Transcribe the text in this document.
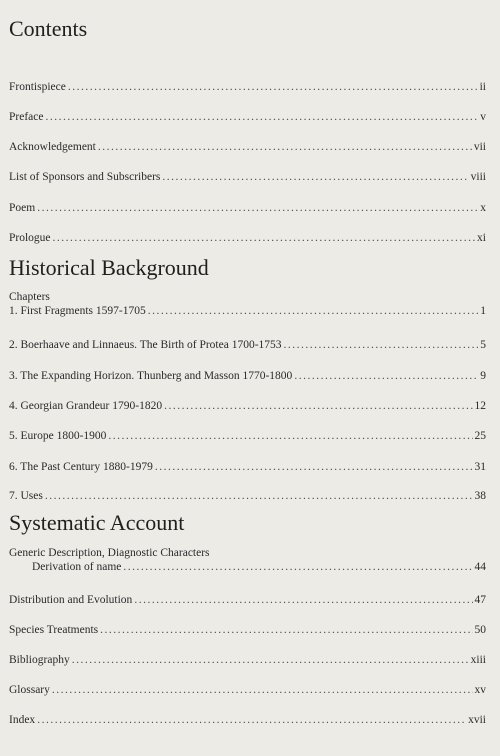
Contents
Frontispiece .....	ii
Preface .....	v
Acknowledgement .....	vii
List of Sponsors and Subscribers .....	viii
Poem .....	x
Prologue .....	xi
Historical Background
Chapters
1. First Fragments 1597-1705 .....	1
2. Boerhaave and Linnaeus. The Birth of Protea 1700-1753 .....	5
3. The Expanding Horizon. Thunberg and Masson 1770-1800 .....	9
4. Georgian Grandeur 1790-1820 .....	12
5. Europe 1800-1900 .....	25
6. The Past Century 1880-1979 .....	31
7. Uses .....	38
Systematic Account
Generic Description, Diagnostic Characters
Derivation of name .....	44
Distribution and Evolution .....	47
Species Treatments .....	50
Bibliography .....	xiii
Glossary .....	xv
Index .....	xvii
